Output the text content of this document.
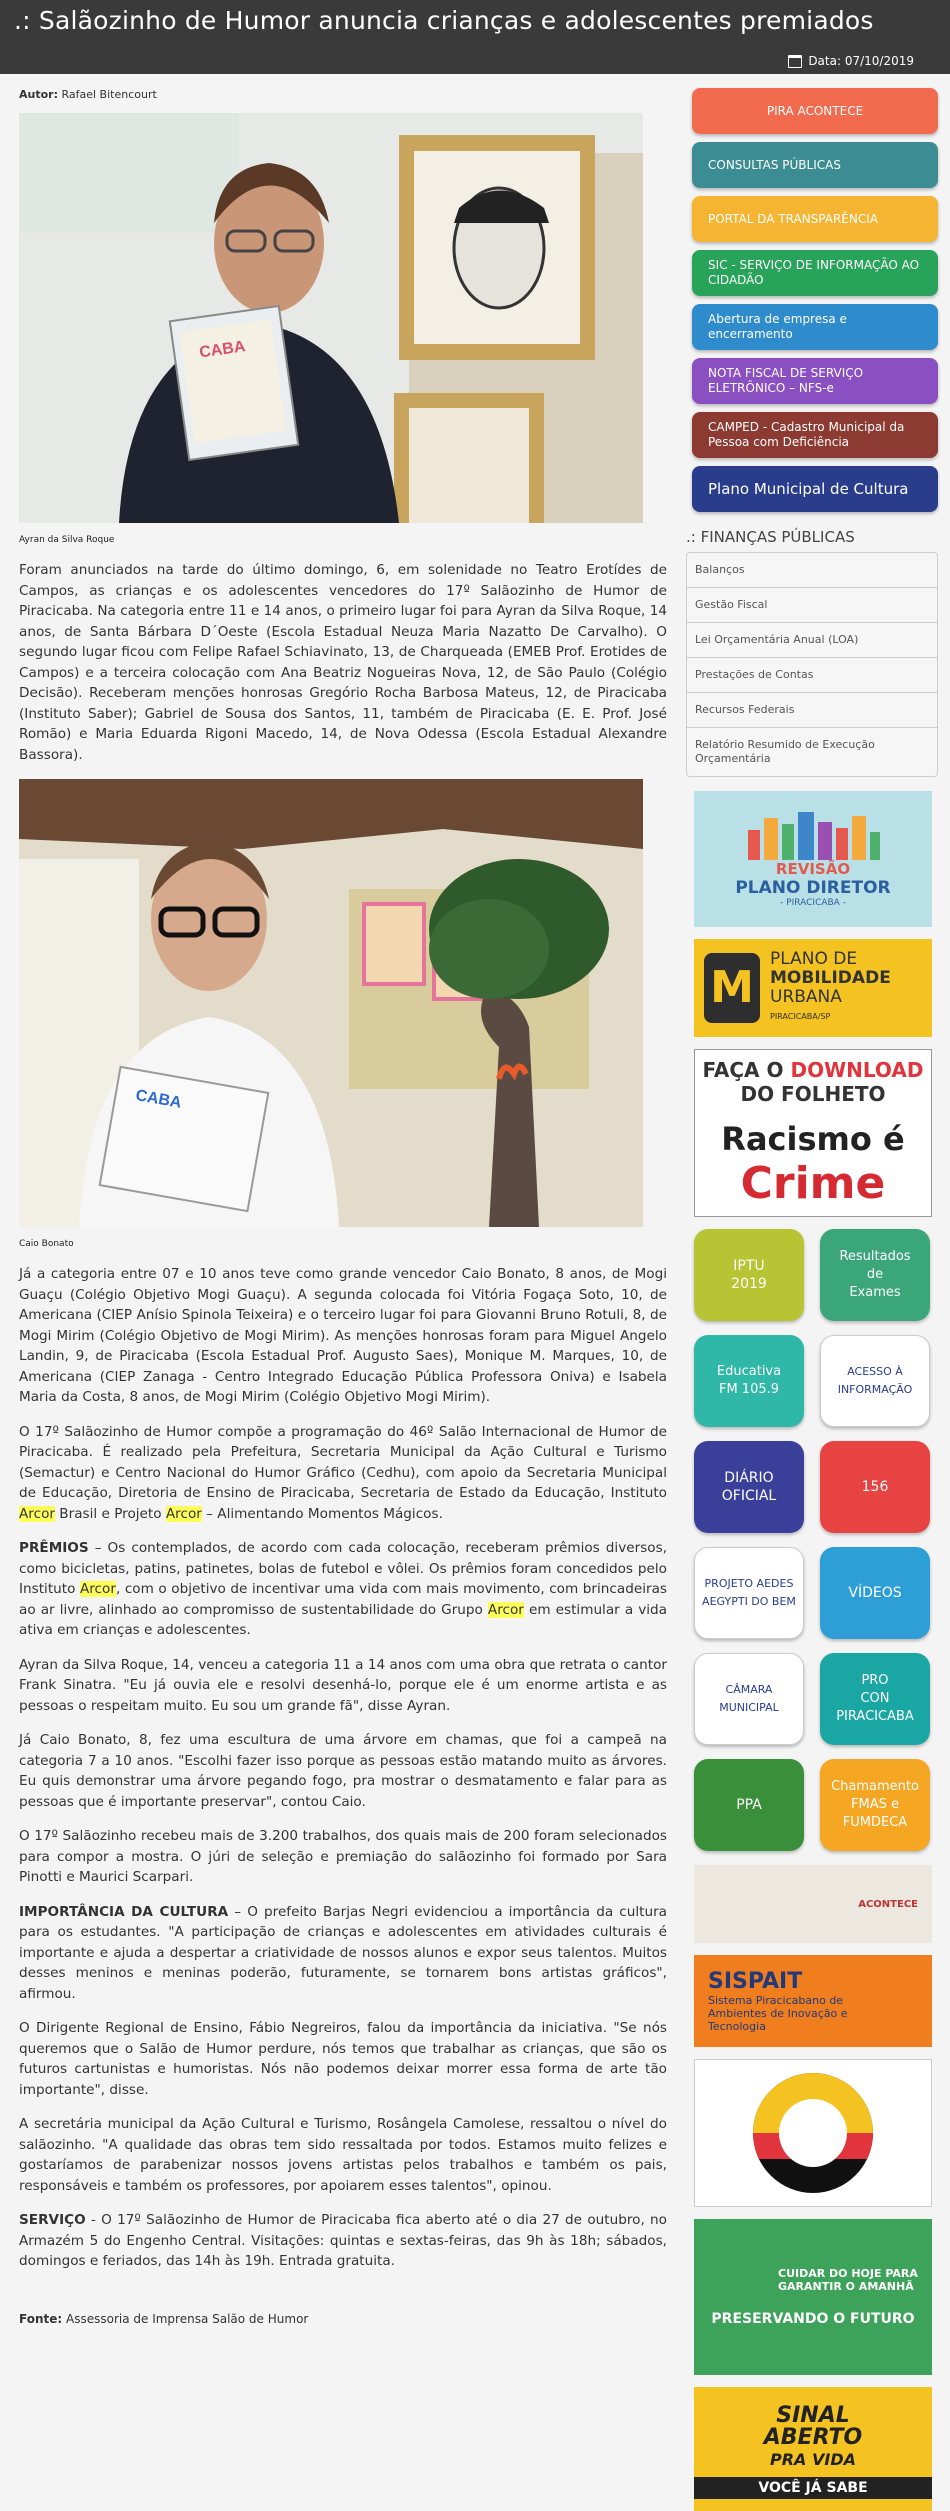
.: Salãozinho de Humor anuncia crianças e adolescentes premiados
Data: 07/10/2019
Autor: Rafael Bitencourt
CABA
Ayran da Silva Roque

Foram anunciados na tarde do último domingo, 6, em solenidade no Teatro Erotídes de Campos, as crianças e os adolescentes vencedores do 17º Salãozinho de Humor de Piracicaba. Na categoria entre 11 e 14 anos, o primeiro lugar foi para Ayran da Silva Roque, 14 anos, de Santa Bárbara D´Oeste (Escola Estadual Neuza Maria Nazatto De Carvalho). O segundo lugar ficou com Felipe Rafael Schiavinato, 13, de Charqueada (EMEB Prof. Erotides de Campos) e a terceira colocação com Ana Beatriz Nogueiras Nova, 12, de São Paulo (Colégio Decisão). Receberam menções honrosas Gregório Rocha Barbosa Mateus, 12, de Piracicaba (Instituto Saber); Gabriel de Sousa dos Santos, 11, também de Piracicaba (E. E. Prof. José Romão) e Maria Eduarda Rigoni Macedo, 14, de Nova Odessa (Escola Estadual Alexandre Bassora).

CABA
Caio Bonato

Já a categoria entre 07 e 10 anos teve como grande vencedor Caio Bonato, 8 anos, de Mogi Guaçu (Colégio Objetivo Mogi Guaçu). A segunda colocada foi Vitória Fogaça Soto, 10, de Americana (CIEP Anísio Spinola Teixeira) e o terceiro lugar foi para Giovanni Bruno Rotuli, 8, de Mogi Mirim (Colégio Objetivo de Mogi Mirim). As menções honrosas foram para Miguel Angelo Landin, 9, de Piracicaba (Escola Estadual Prof. Augusto Saes), Monique M. Marques, 10, de Americana (CIEP Zanaga - Centro Integrado Educação Pública Professora Oniva) e Isabela Maria da Costa, 8 anos, de Mogi Mirim (Colégio Objetivo Mogi Mirim).

O 17º Salãozinho de Humor compõe a programação do 46º Salão Internacional de Humor de Piracicaba. É realizado pela Prefeitura, Secretaria Municipal da Ação Cultural e Turismo (Semactur) e Centro Nacional do Humor Gráfico (Cedhu), com apoio da Secretaria Municipal de Educação, Diretoria de Ensino de Piracicaba, Secretaria de Estado da Educação, Instituto Arcor Brasil e Projeto Arcor – Alimentando Momentos Mágicos.

PRÊMIOS – Os contemplados, de acordo com cada colocação, receberam prêmios diversos, como bicicletas, patins, patinetes, bolas de futebol e vôlei. Os prêmios foram concedidos pelo Instituto Arcor, com o objetivo de incentivar uma vida com mais movimento, com brincadeiras ao ar livre, alinhado ao compromisso de sustentabilidade do Grupo Arcor em estimular a vida ativa em crianças e adolescentes.

Ayran da Silva Roque, 14, venceu a categoria 11 a 14 anos com uma obra que retrata o cantor Frank Sinatra. "Eu já ouvia ele e resolvi desenhá-lo, porque ele é um enorme artista e as pessoas o respeitam muito. Eu sou um grande fã", disse Ayran.

Já Caio Bonato, 8, fez uma escultura de uma árvore em chamas, que foi a campeã na categoria 7 a 10 anos. "Escolhi fazer isso porque as pessoas estão matando muito as árvores. Eu quis demonstrar uma árvore pegando fogo, pra mostrar o desmatamento e falar para as pessoas que é importante preservar", contou Caio.

O 17º Salãozinho recebeu mais de 3.200 trabalhos, dos quais mais de 200 foram selecionados para compor a mostra. O júri de seleção e premiação do salãozinho foi formado por Sara Pinotti e Maurici Scarpari.

IMPORTÂNCIA DA CULTURA – O prefeito Barjas Negri evidenciou a importância da cultura para os estudantes. "A participação de crianças e adolescentes em atividades culturais é importante e ajuda a despertar a criatividade de nossos alunos e expor seus talentos. Muitos desses meninos e meninas poderão, futuramente, se tornarem bons artistas gráficos", afirmou.

O Dirigente Regional de Ensino, Fábio Negreiros, falou da importância da iniciativa. "Se nós queremos que o Salão de Humor perdure, nós temos que trabalhar as crianças, que são os futuros cartunistas e humoristas. Nós não podemos deixar morrer essa forma de arte tão importante", disse.

A secretária municipal da Ação Cultural e Turismo, Rosângela Camolese, ressaltou o nível do salãozinho. "A qualidade das obras tem sido ressaltada por todos. Estamos muito felizes e gostaríamos de parabenizar nossos jovens artistas pelos trabalhos e também os pais, responsáveis e também os professores, por apoiarem esses talentos", opinou.

SERVIÇO - O 17º Salãozinho de Humor de Piracicaba fica aberto até o dia 27 de outubro, no Armazém 5 do Engenho Central. Visitações: quintas e sextas-feiras, das 9h às 18h; sábados, domingos e feriados, das 14h às 19h. Entrada gratuita.

Fonte: Assessoria de Imprensa Salão de Humor
PIRA ACONTECE
CONSULTAS PÚBLICAS
PORTAL DA TRANSPARÊNCIA
SIC - SERVIÇO DE INFORMAÇÃO AO CIDADÃO
Abertura de empresa e encerramento
NOTA FISCAL DE SERVIÇO ELETRÔNICO – NFS-e
CAMPED - Cadastro Municipal da Pessoa com Deficiência
Plano Municipal de Cultura
.: FINANÇAS PÚBLICAS
Balanços
Gestão Fiscal
Lei Orçamentária Anual (LOA)
Prestações de Contas
Recursos Federais
Relatório Resumido de Execução Orçamentária
REVISÃO
PLANO DIRETOR
- PIRACICABA -
M
PLANO DE
MOBILIDADE
URBANA
PIRACICABA/SP
FAÇA O DOWNLOAD
DO FOLHETO
Racismo é
Crime
IPTU
2019
Resultados
de
Exames
Educativa
FM 105.9
ACESSO À
INFORMAÇÃO
DIÁRIO
OFICIAL
156
PROJETO AEDES
AEGYPTI DO BEM
VÍDEOS
CÂMARA
MUNICIPAL
PRO
CON
PIRACICABA
PPA
Chamamento
FMAS e
FUMDECA
ACONTECE
SISPAIT
Sistema Piracicabano de Ambientes de Inovação e Tecnologia
CUIDAR DO HOJE PARA GARANTIR O AMANHÃ
PRESERVANDO O FUTURO
SINAL
ABERTO
PRA VIDA
VOCÊ JÁ SABE
